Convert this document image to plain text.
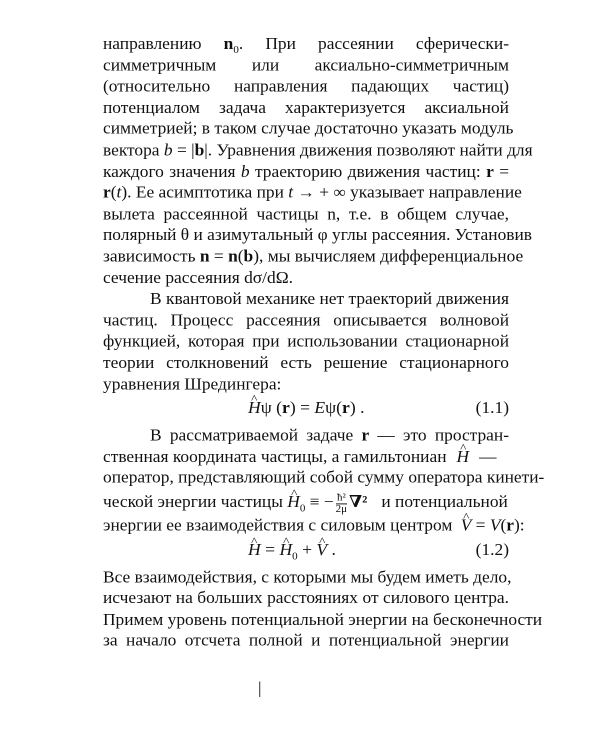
направлению $n_0$. При рассеянии сферически-
симметричным или аксиально-симметричным
(относительно направления падающих частиц)
потенциалом задача характеризуется аксиальной
симметрией; в таком случае достаточно указать модуль
вектора b = |b|. Уравнения движения позволяют найти для
каждого значения b траекторию движения частиц: r =
r(t). Ее асимптотика при t → + ∞ указывает направление
вылета рассеянной частицы n, т.е. в общем случае,
полярный θ и азимутальный φ углы рассеяния. Установив
зависимость n = n(b), мы вычисляем дифференциальное
сечение рассеяния dσ/dΩ.
В квантовой механике нет траекторий движения
частиц. Процесс рассеяния описывается волновой
функцией, которая при использовании стационарной
теории столкновений есть решение стационарного
уравнения Шредингера:
^ Hψ (r) = Eψ(r) .	(1.1)
В рассматриваемой задаче r — это простран-
ственная координата частицы, а гамильтониан^ H —
оператор, представляющий собой сумму оператора кинети-
ческой энергии частицы ^ $H_0$ ≡ − $\frac{\text{ħ²}}{2\mu} \nabla^2$ и потенциальной
энергии ее взаимодействия с силовым центром ^ V = V(r):
^ H = ^ $H_0$ + ^ V .	(1.2)
Все взаимодействия, с которыми мы будем иметь дело,
исчезают на больших расстояниях от силового центра.
Примем уровень потенциальной энергии на бесконечности
за начало отсчета полной и потенциальной энергии
|
